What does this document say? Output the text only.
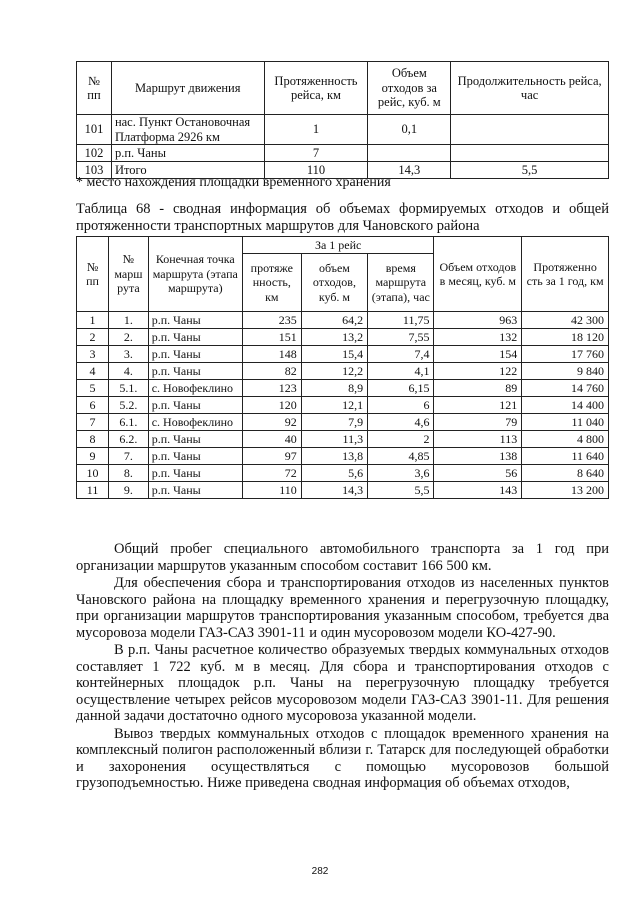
№ пп	Маршрут движения	Протяженность рейса, км	Объем отходов за рейс, куб. м	Продолжительность рейса, час
101	нас. Пункт Остановочная Платформа 2926 км	1	0,1	
102	р.п. Чаны	7		
103	Итого	110	14,3	5,5
* место нахождения площадки временного хранения
Таблица 68 - сводная информация об объемах формируемых отходов и общей протяженности транспортных маршрутов для Чановского района
№ пп	№ марш рута	Конечная точка маршрута (этапа маршрута)	За 1 рейс			Объем отходов в месяц, куб. м	Протяженно сть за 1 год, км
			протяже нность, км	объем отходов, куб. м	время маршрута (этапа), час		
1	1.	р.п. Чаны	235	64,2	11,75	963	42 300
2	2.	р.п. Чаны	151	13,2	7,55	132	18 120
3	3.	р.п. Чаны	148	15,4	7,4	154	17 760
4	4.	р.п. Чаны	82	12,2	4,1	122	9 840
5	5.1.	с. Новофеклино	123	8,9	6,15	89	14 760
6	5.2.	р.п. Чаны	120	12,1	6	121	14 400
7	6.1.	с. Новофеклино	92	7,9	4,6	79	11 040
8	6.2.	р.п. Чаны	40	11,3	2	113	4 800
9	7.	р.п. Чаны	97	13,8	4,85	138	11 640
10	8.	р.п. Чаны	72	5,6	3,6	56	8 640
11	9.	р.п. Чаны	110	14,3	5,5	143	13 200

Общий пробег специального автомобильного транспорта за 1 год при организации маршрутов указанным способом составит 166 500 км.

Для обеспечения сбора и транспортирования отходов из населенных пунктов Чановского района на площадку временного хранения и перегрузочную площадку, при организации маршрутов транспортирования указанным способом, требуется два мусоровоза модели ГАЗ-САЗ 3901-11 и один мусоровозом модели КО-427-90.

В р.п. Чаны расчетное количество образуемых твердых коммунальных отходов составляет 1 722 куб. м в месяц. Для сбора и транспортирования отходов с контейнерных площадок р.п. Чаны на перегрузочную площадку требуется осуществление четырех рейсов мусоровозом модели ГАЗ-САЗ 3901-11. Для решения данной задачи достаточно одного мусоровоза указанной модели.

Вывоз твердых коммунальных отходов с площадок временного хранения на комплексный полигон расположенный вблизи г. Татарск для последующей обработки и захоронения осуществляться с помощью мусоровозов большой грузоподъемностью. Ниже приведена сводная информация об объемах отходов,

282
